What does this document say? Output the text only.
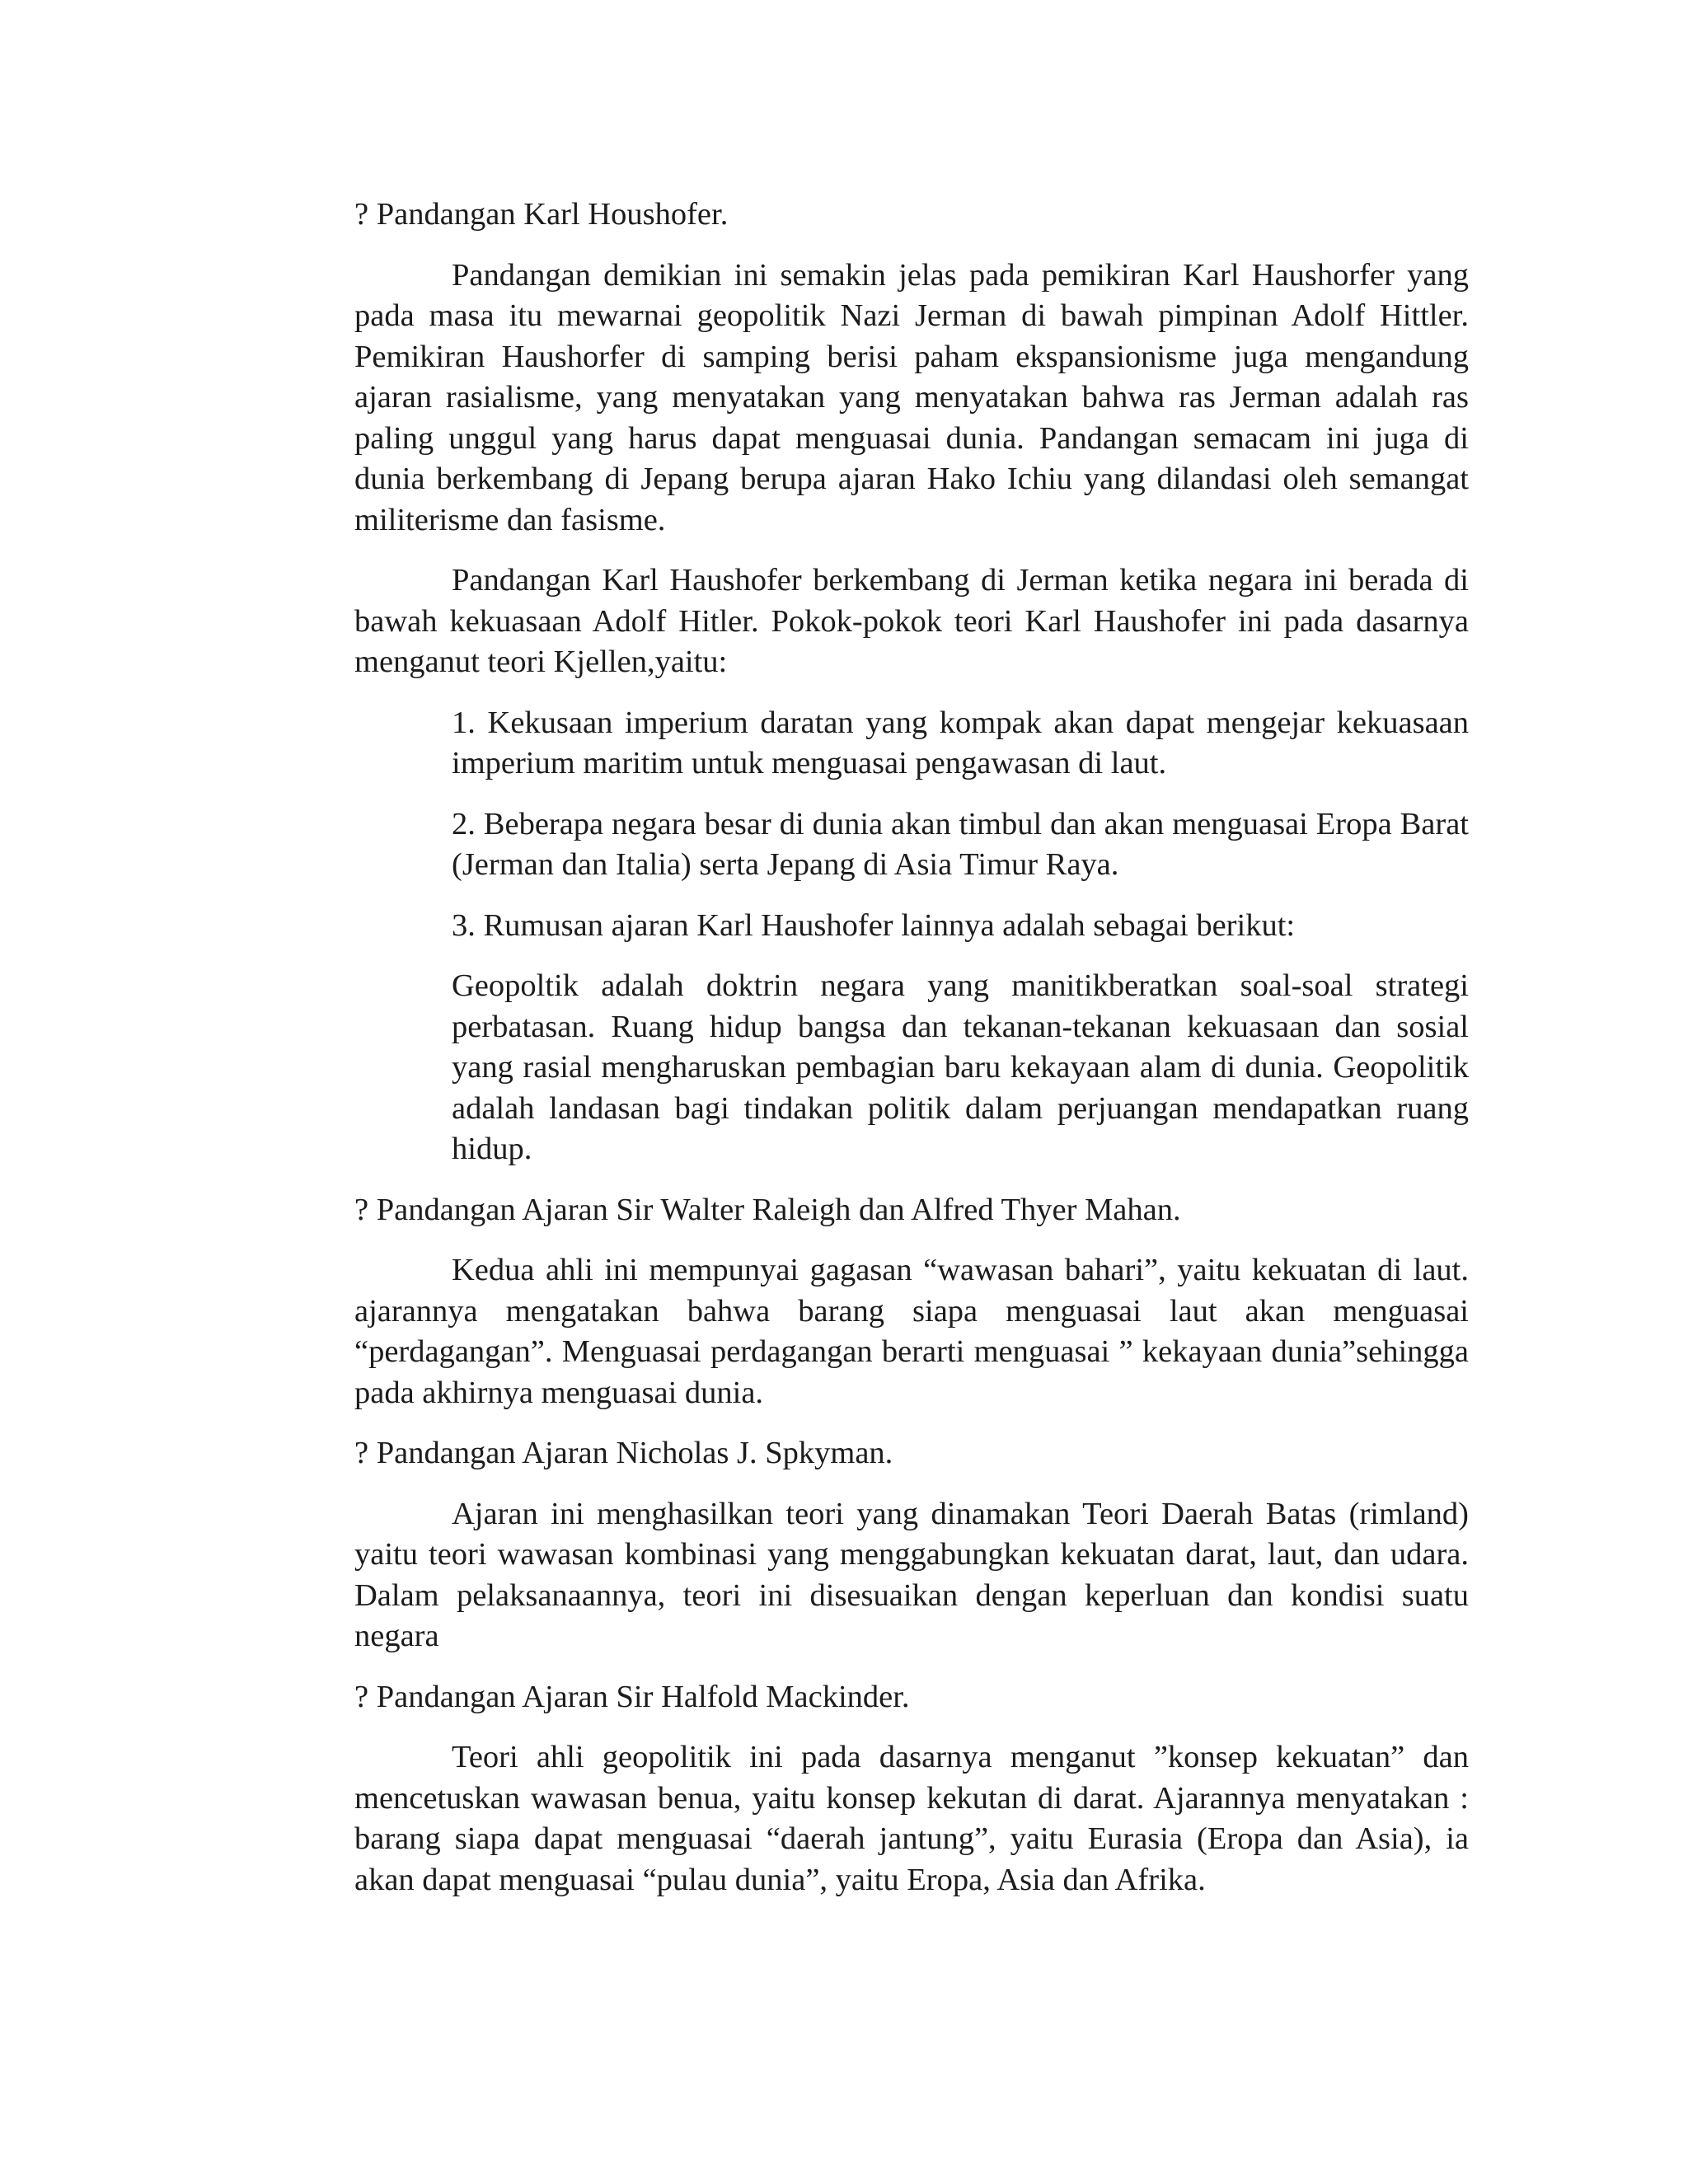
? Pandangan Karl Houshofer.

Pandangan demikian ini semakin jelas pada pemikiran Karl Haushorfer yang pada masa itu mewarnai geopolitik Nazi Jerman di bawah pimpinan Adolf Hittler. Pemikiran Haushorfer di samping berisi paham ekspansionisme juga mengandung ajaran rasialisme, yang menyatakan yang menyatakan bahwa ras Jerman adalah ras paling unggul yang harus dapat menguasai dunia. Pandangan semacam ini juga di dunia berkembang di Jepang berupa ajaran Hako Ichiu yang dilandasi oleh semangat militerisme dan fasisme.

Pandangan Karl Haushofer berkembang di Jerman ketika negara ini berada di bawah kekuasaan Adolf Hitler. Pokok-pokok teori Karl Haushofer ini pada dasarnya menganut teori Kjellen,yaitu:

1. Kekusaan imperium daratan yang kompak akan dapat mengejar kekuasaan imperium maritim untuk menguasai pengawasan di laut.

2. Beberapa negara besar di dunia akan timbul dan akan menguasai Eropa Barat (Jerman dan Italia) serta Jepang di Asia Timur Raya.

3. Rumusan ajaran Karl Haushofer lainnya adalah sebagai berikut:

Geopoltik adalah doktrin negara yang manitikberatkan soal-soal strategi perbatasan. Ruang hidup bangsa dan tekanan-tekanan kekuasaan dan sosial yang rasial mengharuskan pembagian baru kekayaan alam di dunia. Geopolitik adalah landasan bagi tindakan politik dalam perjuangan mendapatkan ruang hidup.

? Pandangan Ajaran Sir Walter Raleigh dan Alfred Thyer Mahan.

Kedua ahli ini mempunyai gagasan “wawasan bahari”, yaitu kekuatan di laut. ajarannya mengatakan bahwa barang siapa menguasai laut akan menguasai “perdagangan”. Menguasai perdagangan berarti menguasai ” kekayaan dunia”sehingga pada akhirnya menguasai dunia.

? Pandangan Ajaran Nicholas J. Spkyman.

Ajaran ini menghasilkan teori yang dinamakan Teori Daerah Batas (rimland) yaitu teori wawasan kombinasi yang menggabungkan kekuatan darat, laut, dan udara. Dalam pelaksanaannya, teori ini disesuaikan dengan keperluan dan kondisi suatu negara

? Pandangan Ajaran Sir Halfold Mackinder.

Teori ahli geopolitik ini pada dasarnya menganut ”konsep kekuatan” dan mencetuskan wawasan benua, yaitu konsep kekutan di darat. Ajarannya menyatakan : barang siapa dapat menguasai “daerah jantung”, yaitu Eurasia (Eropa dan Asia), ia akan dapat menguasai “pulau dunia”, yaitu Eropa, Asia dan Afrika.
